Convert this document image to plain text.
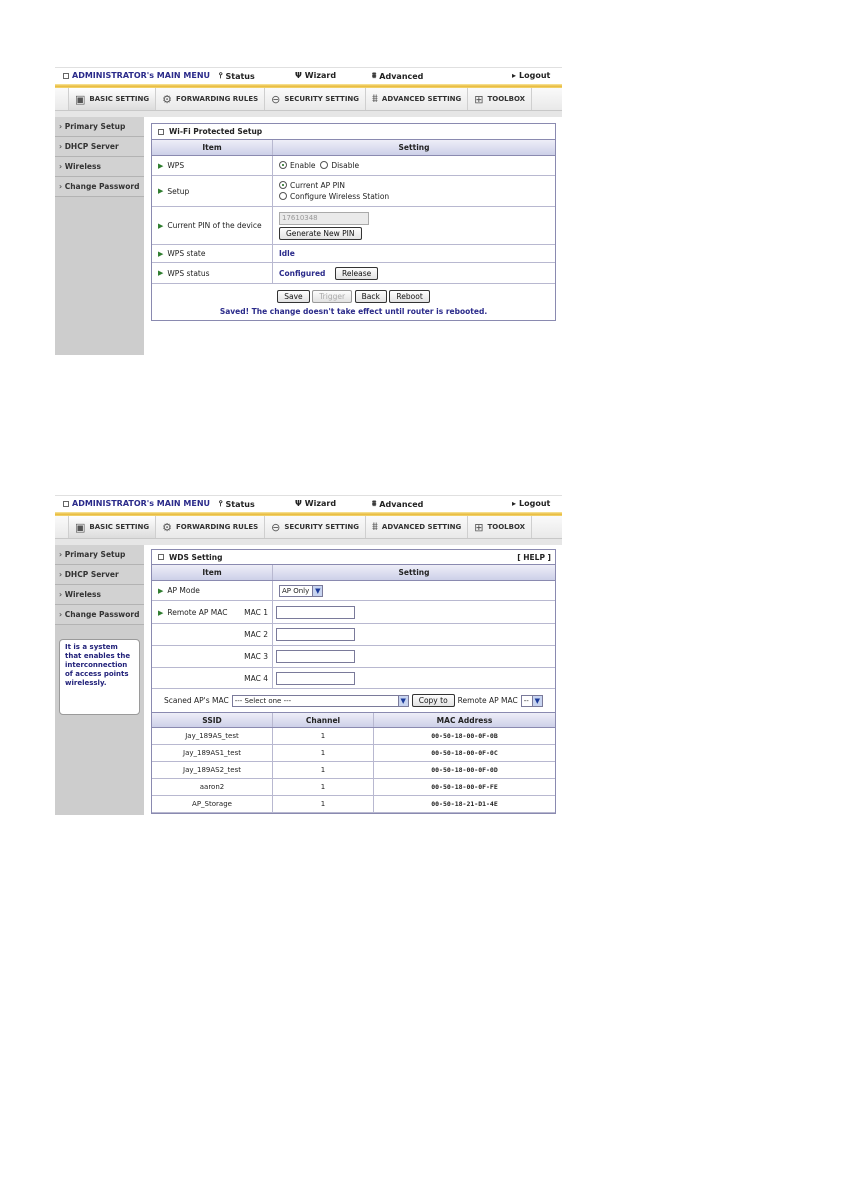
ADMINISTRATOR's MAIN MENU ⫯ Status	Ψ Wizard	⩩ Advanced	▸ Logout
▣ BASIC SETTING ⚙ FORWARDING RULES ⊖ SECURITY SETTING ⩩ ADVANCED SETTING ⊞ TOOLBOX
› Primary Setup
› DHCP Server
› Wireless
› Change Password
Wi-Fi Protected Setup
Item	Setting
▶ WPS	Enable Disable
▶ Setup
Current AP PIN
Configure Wireless Station
▶ Current PIN of the device
17610348
Generate New PIN
▶ WPS state	Idle
▶ WPS status	Configured Release
Save Trigger Back Reboot
Saved! The change doesn't take effect until router is rebooted.
ADMINISTRATOR's MAIN MENU ⫯ Status	Ψ Wizard	⩩ Advanced	▸ Logout
▣ BASIC SETTING ⚙ FORWARDING RULES ⊖ SECURITY SETTING ⩩ ADVANCED SETTING ⊞ TOOLBOX
› Primary Setup
› DHCP Server
› Wireless
› Change Password
It is a system that enables the interconnection of access points wirelessly.
WDS Setting	[ HELP ]
Item	Setting
▶ AP Mode	AP Only ▼
▶ Remote AP MAC MAC 1
MAC 2
MAC 3
MAC 4
Scaned AP's MAC --- Select one ---	▼	Copy to	Remote AP MAC -- ▼
SSID	Channel	MAC Address
Jay_189AS_test	1	00-50-18-00-0F-0B
Jay_189AS1_test	1	00-50-18-00-0F-0C
Jay_189AS2_test	1	00-50-18-00-0F-0D
aaron2	1	00-50-18-00-0F-FE
AP_Storage	1	00-50-18-21-D1-4E
